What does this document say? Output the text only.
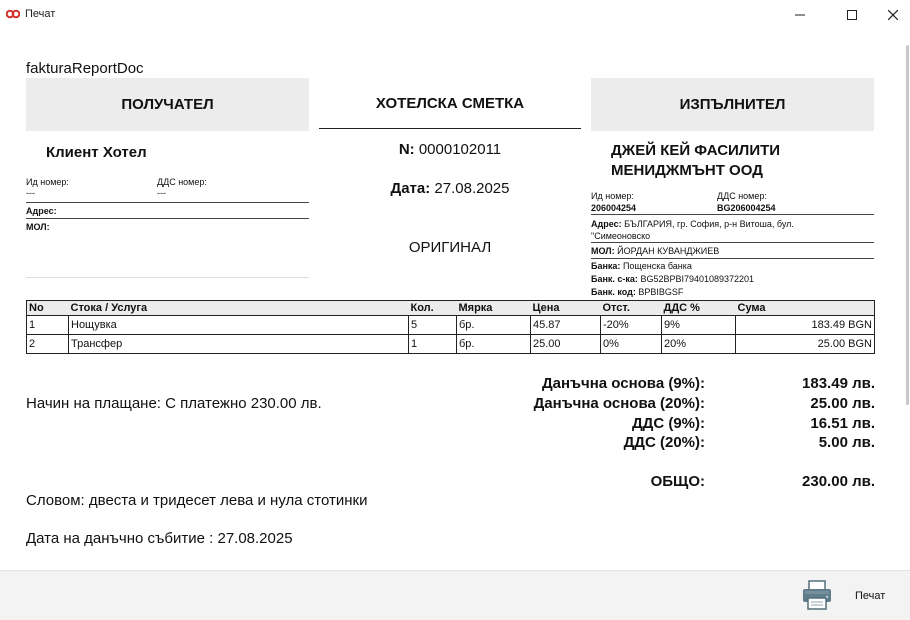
Печат
fakturaReportDoc
ПОЛУЧАТЕЛ	ХОТЕЛСКА СМЕТКА	ИЗПЪЛНИТЕЛ
Клиент Хотел
Ид номер:
---
ДДС номер:
---
Адрес:
МОЛ:
N: 0000102011
Дата: 27.08.2025
ОРИГИНАЛ
ДЖЕЙ КЕЙ ФАСИЛИТИ МЕНИДЖМЪНТ ООД
Ид номер:
206004254
ДДС номер:
BG206004254
Адрес: БЪЛГАРИЯ, гр. София, р-н Витоша, бул. "Симеоновско
МОЛ: ЙОРДАН КУВАНДЖИЕВ
Банка: Пощенска банка
Банк. с-ка: BG52BPBI79401089372201
Банк. код: BPBIBGSF
No	Стока / Услуга	Кол.	Мярка	Цена	Отст.	ДДС %	Сума
1	Нощувка	5	бр.	45.87	-20%	9%	183.49 BGN
2	Трансфер	1	бр.	25.00	0%	20%	25.00 BGN
Начин на плащане: С платежно 230.00 лв.
Данъчна основа (9%):	183.49 лв.
Данъчна основа (20%):	25.00 лв.
ДДС (9%):	16.51 лв.
ДДС (20%):	5.00 лв.
ОБЩО:	230.00 лв.
Словом: двеста и тридесет лева и нула стотинки
Дата на данъчно събитие : 27.08.2025
Печат
